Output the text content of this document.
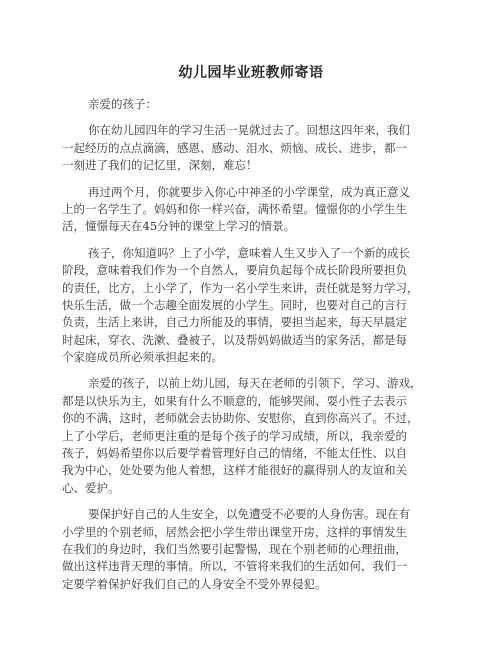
幼儿园毕业班教师寄语
亲爱的孩子：
你在幼儿园四年的学习生活一晃就过去了。回想这四年来，我们
一起经历的点点滴滴，感恩、感动、泪水、烦恼、成长、进步，都一
一刻进了我们的记忆里，深刻，难忘！
再过两个月，你就要步入你心中神圣的小学课堂，成为真正意义
上的一名学生了。妈妈和你一样兴奋，满怀希望。憧憬你的小学生生
活，憧憬每天在45分钟的课堂上学习的情景。
孩子，你知道吗？上了小学，意味着人生又步入了一个新的成长
阶段，意味着我们作为一个自然人，要肩负起每个成长阶段所要担负
的责任，比方，上小学了，作为一名小学生来讲，责任就是努力学习，
快乐生活，做一个志趣全面发展的小学生。同时，也要对自己的言行
负责，生活上来讲，自己力所能及的事情，要担当起来，每天早晨定
时起床，穿衣、洗漱、叠被子，以及帮妈妈做适当的家务活，都是每
个家庭成员所必须承担起来的。
亲爱的孩子，以前上幼儿园，每天在老师的引领下，学习、游戏，
都是以快乐为主，如果有什么不顺意的，能够哭闹、耍小性子去表示
你的不满，这时，老师就会去协助你、安慰你，直到你高兴了。不过，
上了小学后，老师更注重的是每个孩子的学习成绩，所以，我亲爱的
孩子，妈妈希望你以后要学着管理好自己的情绪，不能太任性、以自
我为中心，处处要为他人着想，这样才能很好的赢得别人的友谊和关
心、爱护。
要保护好自己的人生安全，以免遭受不必要的人身伤害。现在有
小学里的个别老师，居然会把小学生带出课堂开房，这样的事情发生
在我们的身边时，我们当然要引起警惕，现在个别老师的心理扭曲，
做出这样违背天理的事情。所以，不管将来我们的生活如何，我们一
定要学着保护好我们自己的人身安全不受外界侵犯。
